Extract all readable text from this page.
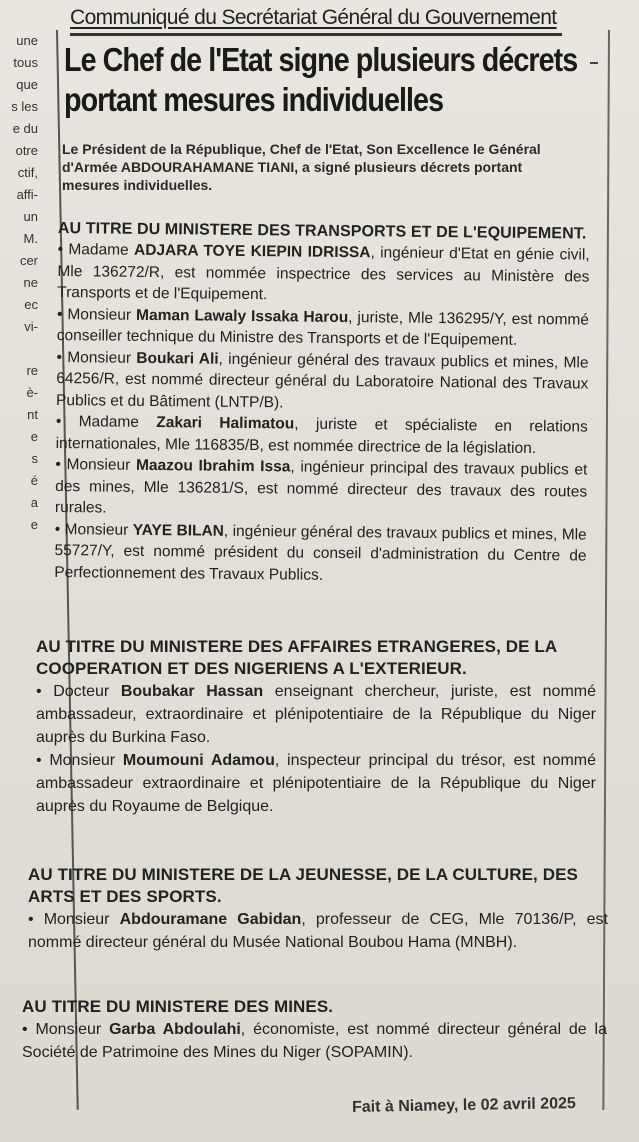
une
tous
que
s les
e du
otre
ctif,
affi-
un
M.
cer
ne
ec
vi-
re
è-
nt
e
s
é
a
e
Communiqué du Secrétariat Général du Gouvernement
Le Chef de l'Etat signe plusieurs décrets
portant mesures individuelles
Le Président de la République, Chef de l'Etat, Son Excellence le Général d'Armée ABDOURAHAMANE TIANI, a signé plusieurs décrets portant mesures individuelles.
AU TITRE DU MINISTERE DES TRANSPORTS ET DE L'EQUIPEMENT.
• Madame ADJARA TOYE KIEPIN IDRISSA, ingénieur d'Etat en génie civil, Mle 136272/R, est nommée inspectrice des services au Ministère des Transports et de l'Equipement.
• Monsieur Maman Lawaly Issaka Harou, juriste, Mle 136295/Y, est nommé conseiller technique du Ministre des Transports et de l'Equipement.
• Monsieur Boukari Ali, ingénieur général des travaux publics et mines, Mle 64256/R, est nommé directeur général du Laboratoire National des Travaux Publics et du Bâtiment (LNTP/B).
• Madame Zakari Halimatou, juriste et spécialiste en relations internationales, Mle 116835/B, est nommée directrice de la législation.
• Monsieur Maazou Ibrahim Issa, ingénieur principal des travaux publics et des mines, Mle 136281/S, est nommé directeur des travaux des routes rurales.
• Monsieur YAYE BILAN, ingénieur général des travaux publics et mines, Mle 55727/Y, est nommé président du conseil d'administration du Centre de Perfectionnement des Travaux Publics.
AU TITRE DU MINISTERE DES AFFAIRES ETRANGERES, DE LA COOPERATION ET DES NIGERIENS A L'EXTERIEUR.
• Docteur Boubakar Hassan enseignant chercheur, juriste, est nommé ambassadeur, extraordinaire et plénipotentiaire de la République du Niger auprès du Burkina Faso.
• Monsieur Moumouni Adamou, inspecteur principal du trésor, est nommé ambassadeur extraordinaire et plénipotentiaire de la République du Niger auprès du Royaume de Belgique.
AU TITRE DU MINISTERE DE LA JEUNESSE, DE LA CULTURE, DES ARTS ET DES SPORTS.
• Monsieur Abdouramane Gabidan, professeur de CEG, Mle 70136/P, est nommé directeur général du Musée National Boubou Hama (MNBH).
AU TITRE DU MINISTERE DES MINES.
• Monsieur Garba Abdoulahi, économiste, est nommé directeur général de la Société de Patrimoine des Mines du Niger (SOPAMIN).
Fait à Niamey, le 02 avril 2025
